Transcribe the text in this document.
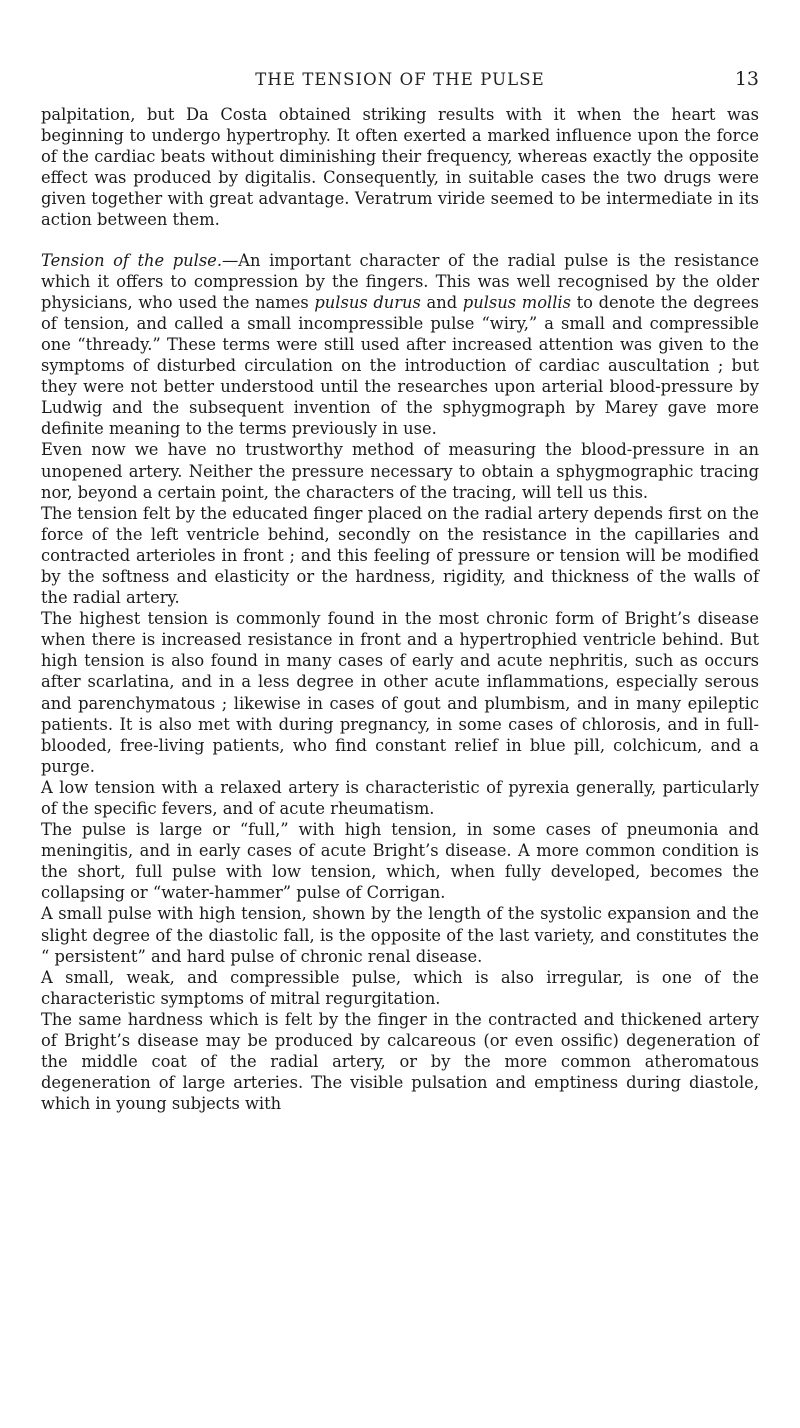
THE TENSION OF THE PULSE	13

palpitation, but Da Costa obtained striking results with it when the heart was beginning to undergo hypertrophy. It often exerted a marked influence upon the force of the cardiac beats without diminishing their frequency, whereas exactly the opposite effect was produced by digitalis. Consequently, in suitable cases the two drugs were given together with great advantage. Veratrum viride seemed to be intermediate in its action between them.

Tension of the pulse.—An important character of the radial pulse is the resistance which it offers to compression by the fingers. This was well recognised by the older physicians, who used the names pulsus durus and pulsus mollis to denote the degrees of tension, and called a small incompressible pulse “wiry,” a small and compressible one “thready.” These terms were still used after increased attention was given to the symptoms of disturbed circulation on the introduction of cardiac auscultation ; but they were not better understood until the researches upon arterial blood-pressure by Ludwig and the subsequent invention of the sphygmograph by Marey gave more definite meaning to the terms previously in use.

Even now we have no trustworthy method of measuring the blood-pressure in an unopened artery. Neither the pressure necessary to obtain a sphygmographic tracing nor, beyond a certain point, the characters of the tracing, will tell us this.

The tension felt by the educated finger placed on the radial artery depends first on the force of the left ventricle behind, secondly on the resistance in the capillaries and contracted arterioles in front ; and this feeling of pressure or tension will be modified by the softness and elasticity or the hardness, rigidity, and thickness of the walls of the radial artery.

The highest tension is commonly found in the most chronic form of Bright’s disease when there is increased resistance in front and a hypertrophied ventricle behind. But high tension is also found in many cases of early and acute nephritis, such as occurs after scarlatina, and in a less degree in other acute inflammations, especially serous and parenchymatous ; likewise in cases of gout and plumbism, and in many epileptic patients. It is also met with during pregnancy, in some cases of chlorosis, and in full-blooded, free-living patients, who find constant relief in blue pill, colchicum, and a purge.

A low tension with a relaxed artery is characteristic of pyrexia generally, particularly of the specific fevers, and of acute rheumatism.

The pulse is large or “full,” with high tension, in some cases of pneumonia and meningitis, and in early cases of acute Bright’s disease. A more common condition is the short, full pulse with low tension, which, when fully developed, becomes the collapsing or “water-hammer” pulse of Corrigan.

A small pulse with high tension, shown by the length of the systolic expansion and the slight degree of the diastolic fall, is the opposite of the last variety, and constitutes the “ persistent” and hard pulse of chronic renal disease.

A small, weak, and compressible pulse, which is also irregular, is one of the characteristic symptoms of mitral regurgitation.

The same hardness which is felt by the finger in the contracted and thickened artery of Bright’s disease may be produced by calcareous (or even ossific) degeneration of the middle coat of the radial artery, or by the more common atheromatous degeneration of large arteries. The visible pulsation and emptiness during diastole, which in young subjects with
